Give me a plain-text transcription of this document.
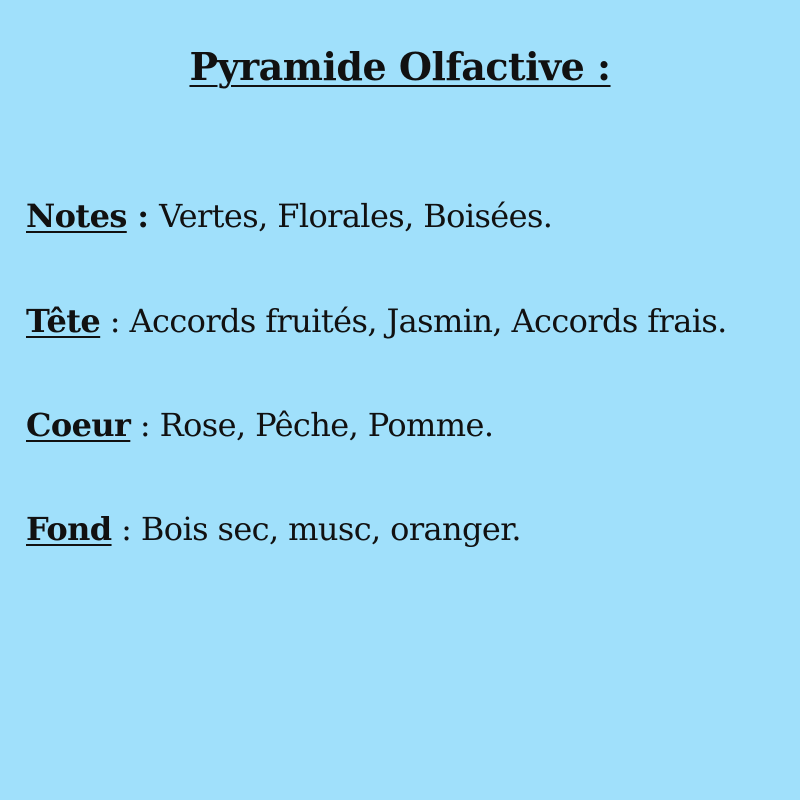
Pyramide Olfactive :
Notes : Vertes, Florales, Boisées.
Tête : Accords fruités, Jasmin, Accords frais.
Coeur : Rose, Pêche, Pomme.
Fond : Bois sec, musc, oranger.
